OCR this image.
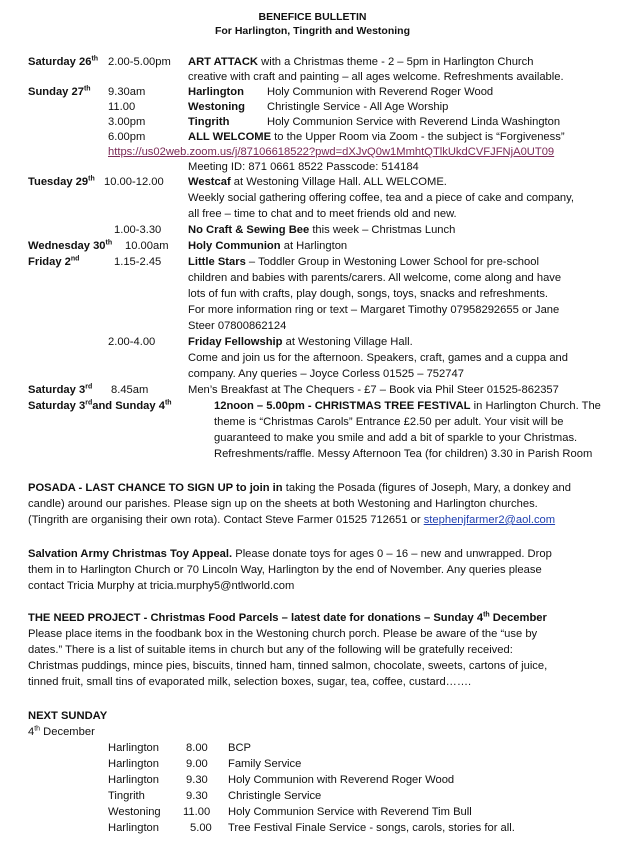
BENEFICE BULLETIN
For Harlington, Tingrith and Westoning
Saturday 26th 2.00-5.00pm ART ATTACK with a Christmas theme - 2 – 5pm in Harlington Church
creative with craft and painting – all ages welcome. Refreshments available.
Sunday 27th 9.30am	Harlington Holy Communion with Reverend Roger Wood
11.00	Westoning Christingle Service - All Age Worship
3.00pm	Tingrith	Holy Communion Service with Reverend Linda Washington
6.00pm	ALL WELCOME to the Upper Room via Zoom - the subject is “Forgiveness”
https://us02web.zoom.us/j/87106618522?pwd=dXJvQ0w1MmhtQTlkUkdCVFJFNjA0UT09
Meeting ID: 871 0661 8522 Passcode: 514184
Tuesday 29th 10.00-12.00 Westcaf at Westoning Village Hall. ALL WELCOME.
Weekly social gathering offering coffee, tea and a piece of cake and company,
all free – time to chat and to meet friends old and new.
1.00-3.30 No Craft & Sewing Bee this week – Christmas Lunch
Wednesday 30th 10.00am Holy Communion at Harlington
Friday 2nd	1.15-2.45 Little Stars – Toddler Group in Westoning Lower School for pre-school
children and babies with parents/carers. All welcome, come along and have
lots of fun with crafts, play dough, songs, toys, snacks and refreshments.
For more information ring or text – Margaret Timothy 07958292655 or Jane
Steer 07800862124
2.00-4.00	Friday Fellowship at Westoning Village Hall.
Come and join us for the afternoon. Speakers, craft, games and a cuppa and
company. Any queries – Joyce Corless 01525 – 752747
Saturday 3rd 8.45am	Men’s Breakfast at The Chequers - £7 – Book via Phil Steer 01525-862357
Saturday 3rdand Sunday 4th	12noon – 5.00pm - CHRISTMAS TREE FESTIVAL in Harlington Church. The
theme is “Christmas Carols” Entrance £2.50 per adult. Your visit will be
guaranteed to make you smile and add a bit of sparkle to your Christmas.
Refreshments/raffle. Messy Afternoon Tea (for children) 3.30 in Parish Room
POSADA - LAST CHANCE TO SIGN UP to join in taking the Posada (figures of Joseph, Mary, a donkey and
candle) around our parishes. Please sign up on the sheets at both Westoning and Harlington churches.
(Tingrith are organising their own rota). Contact Steve Farmer 01525 712651 or stephenjfarmer2@aol.com
Salvation Army Christmas Toy Appeal. Please donate toys for ages 0 – 16 – new and unwrapped. Drop
them in to Harlington Church or 70 Lincoln Way, Harlington by the end of November. Any queries please
contact Tricia Murphy at tricia.murphy5@ntlworld.com
THE NEED PROJECT - Christmas Food Parcels – latest date for donations – Sunday 4th December
Please place items in the foodbank box in the Westoning church porch. Please be aware of the “use by
dates.” There is a list of suitable items in church but any of the following will be gratefully received:
Christmas puddings, mince pies, biscuits, tinned ham, tinned salmon, chocolate, sweets, cartons of juice,
tinned fruit, small tins of evaporated milk, selection boxes, sugar, tea, coffee, custard…….
NEXT SUNDAY
4th December
Harlington 8.00 BCP
Harlington 9.00 Family Service
Harlington 9.30 Holy Communion with Reverend Roger Wood
Tingrith	9.30 Christingle Service
Westoning 11.00 Holy Communion Service with Reverend Tim Bull
Harlington	5.00 Tree Festival Finale Service - songs, carols, stories for all.
